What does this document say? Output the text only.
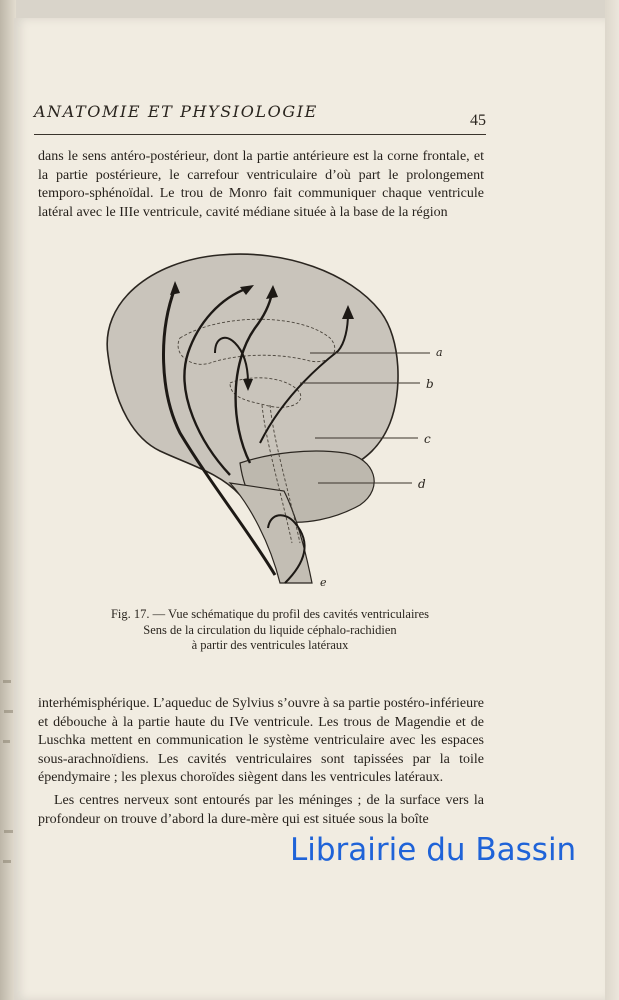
ANATOMIE ET PHYSIOLOGIE	45

dans le sens antéro-postérieur, dont la partie antérieure est la corne frontale, et la partie postérieure, le carrefour ventriculaire d’où part le prolongement temporo-sphénoïdal. Le trou de Monro fait communiquer chaque ventricule latéral avec le IIIe ventricule, cavité médiane située à la base de la région

a
b
c
d
e
Fig. 17. — Vue schématique du profil des cavités ventriculaires
Sens de la circulation du liquide céphalo-rachidien
à partir des ventricules latéraux

interhémisphérique. L’aqueduc de Sylvius s’ouvre à sa partie postéro-inférieure et débouche à la partie haute du IVe ventricule. Les trous de Magendie et de Luschka mettent en communication le système ventriculaire avec les espaces sous-arachnoïdiens. Les cavités ventriculaires sont tapissées par la toile épendymaire ; les plexus choroïdes siègent dans les ventricules latéraux.

Les centres nerveux sont entourés par les méninges ; de la surface vers la profondeur on trouve d’abord la dure-mère qui est située sous la boîte

Librairie du Bassin
